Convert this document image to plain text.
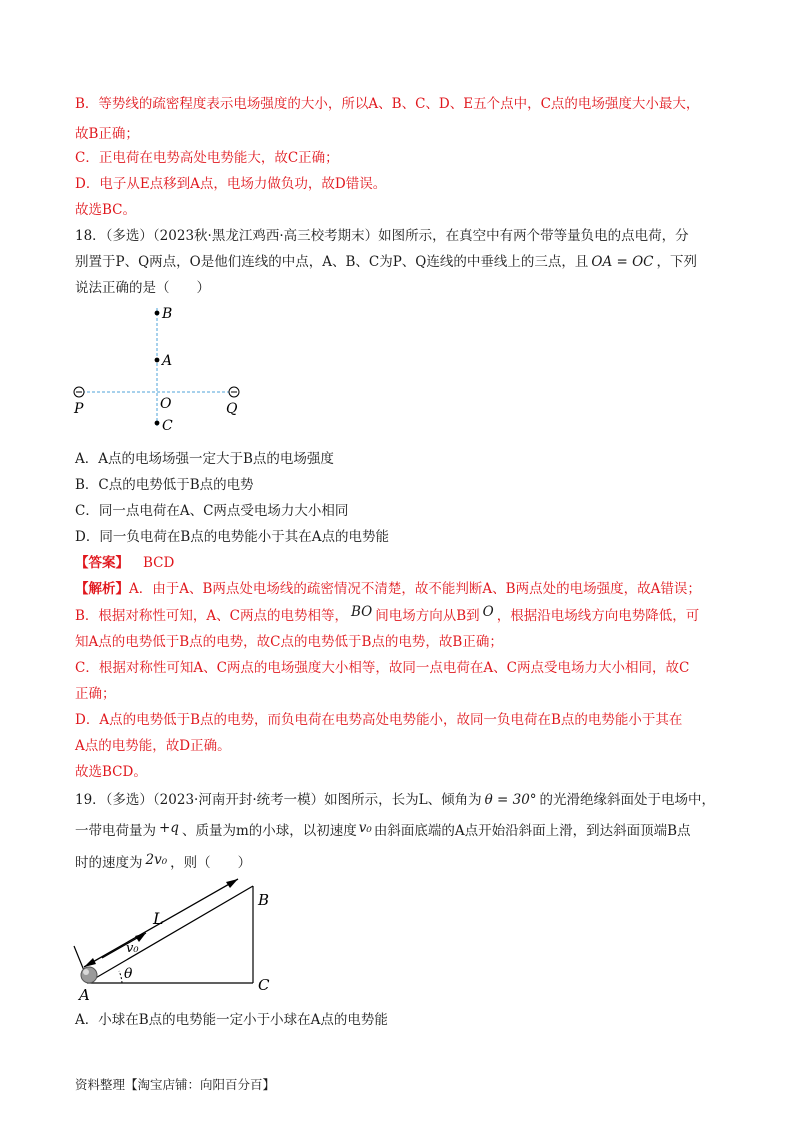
B．等势线的疏密程度表示电场强度的大小，所以A、B、C、D、E五个点中，C点的电场强度大小最大，
故B正确；
C．正电荷在电势高处电势能大，故C正确；
D．电子从E点移到A点，电场力做负功，故D错误。
故选BC。
18．（多选）（2023秋·黑龙江鸡西·高三校考期末）如图所示，在真空中有两个带等量负电的点电荷，分
别置于P、Q两点，O是他们连线的中点，A、B、C为P、Q连线的中垂线上的三点，且 OA = OC ，下列
说法正确的是（　　）
B
A
P	O	Q
C
A．A点的电场场强一定大于B点的电场强度
B．C点的电势低于B点的电势
C．同一点电荷在A、C两点受电场力大小相同
D．同一负电荷在B点的电势能小于其在A点的电势能
【答案】 BCD
【解析】A．由于A、B两点处电场线的疏密情况不清楚，故不能判断A、B两点处的电场强度，故A错误；
B．根据对称性可知，A、C两点的电势相等， BO 间电场方向从B到 O ，根据沿电场线方向电势降低，可
知A点的电势低于B点的电势，故C点的电势低于B点的电势，故B正确；
C．根据对称性可知A、C两点的电场强度大小相等，故同一点电荷在A、C两点受电场力大小相同，故C
正确；
D．A点的电势低于B点的电势，而负电荷在电势高处电势能小，故同一负电荷在B点的电势能小于其在
A点的电势能，故D正确。
故选BCD。
19．（多选）（2023·河南开封·统考一模）如图所示，长为L、倾角为 θ = 30° 的光滑绝缘斜面处于电场中，
一带电荷量为 +q 、质量为m的小球，以初速度 v₀ 由斜面底端的A点开始沿斜面上滑，到达斜面顶端B点
时的速度为 2v₀ ，则（　　）
L
B
v₀
θ
A
C
A．小球在B点的电势能一定小于小球在A点的电势能
资料整理【淘宝店铺：向阳百分百】
